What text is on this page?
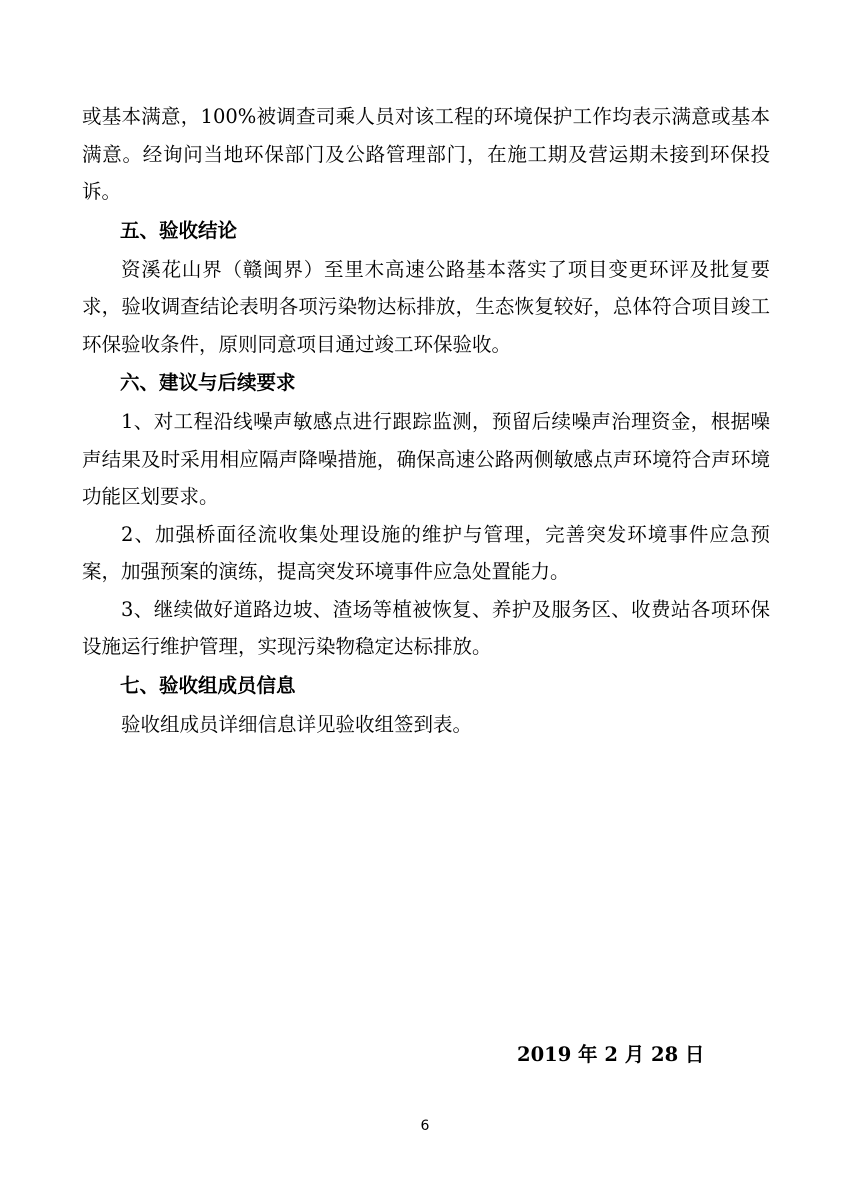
或基本满意，100%被调查司乘人员对该工程的环境保护工作均表示满意或基本满意。经询问当地环保部门及公路管理部门，在施工期及营运期未接到环保投诉。

五、验收结论

资溪花山界（赣闽界）至里木高速公路基本落实了项目变更环评及批复要求，验收调查结论表明各项污染物达标排放，生态恢复较好，总体符合项目竣工环保验收条件，原则同意项目通过竣工环保验收。

六、建议与后续要求

1、对工程沿线噪声敏感点进行跟踪监测，预留后续噪声治理资金，根据噪声结果及时采用相应隔声降噪措施，确保高速公路两侧敏感点声环境符合声环境功能区划要求。

2、加强桥面径流收集处理设施的维护与管理，完善突发环境事件应急预案，加强预案的演练，提高突发环境事件应急处置能力。

3、继续做好道路边坡、渣场等植被恢复、养护及服务区、收费站各项环保设施运行维护管理，实现污染物稳定达标排放。

七、验收组成员信息

验收组成员详细信息详见验收组签到表。

2019 年 2 月 28 日
6
